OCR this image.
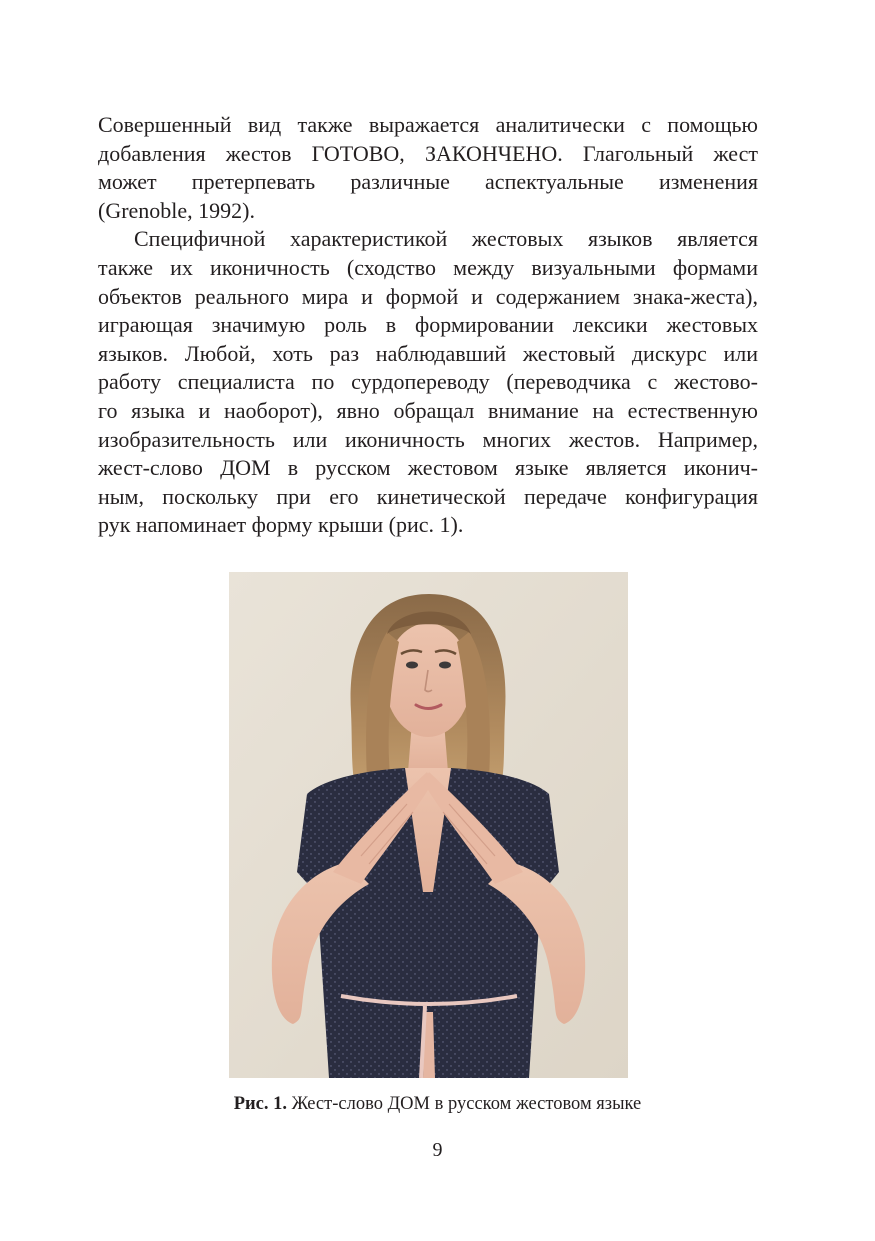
Совершенный вид также выражается аналитически с помощью
добавления жестов ГОТОВО, ЗАКОНЧЕНО. Глагольный жест
может претерпевать различные аспектуальные изменения
(Grenoble, 1992).
Специфичной характеристикой жестовых языков является
также их иконичность (сходство между визуальными формами
объектов реального мира и формой и содержанием знака-жеста),
играющая значимую роль в формировании лексики жестовых
языков. Любой, хоть раз наблюдавший жестовый дискурс или
работу специалиста по сурдопереводу (переводчика с жестово-
го языка и наоборот), явно обращал внимание на естественную
изобразительность или иконичность многих жестов. Например,
жест-слово ДОМ в русском жестовом языке является иконич-
ным, поскольку при его кинетической передаче конфигурация
рук напоминает форму крыши (рис. 1).
Рис. 1. Жест-слово ДОМ в русском жестовом языке
9
